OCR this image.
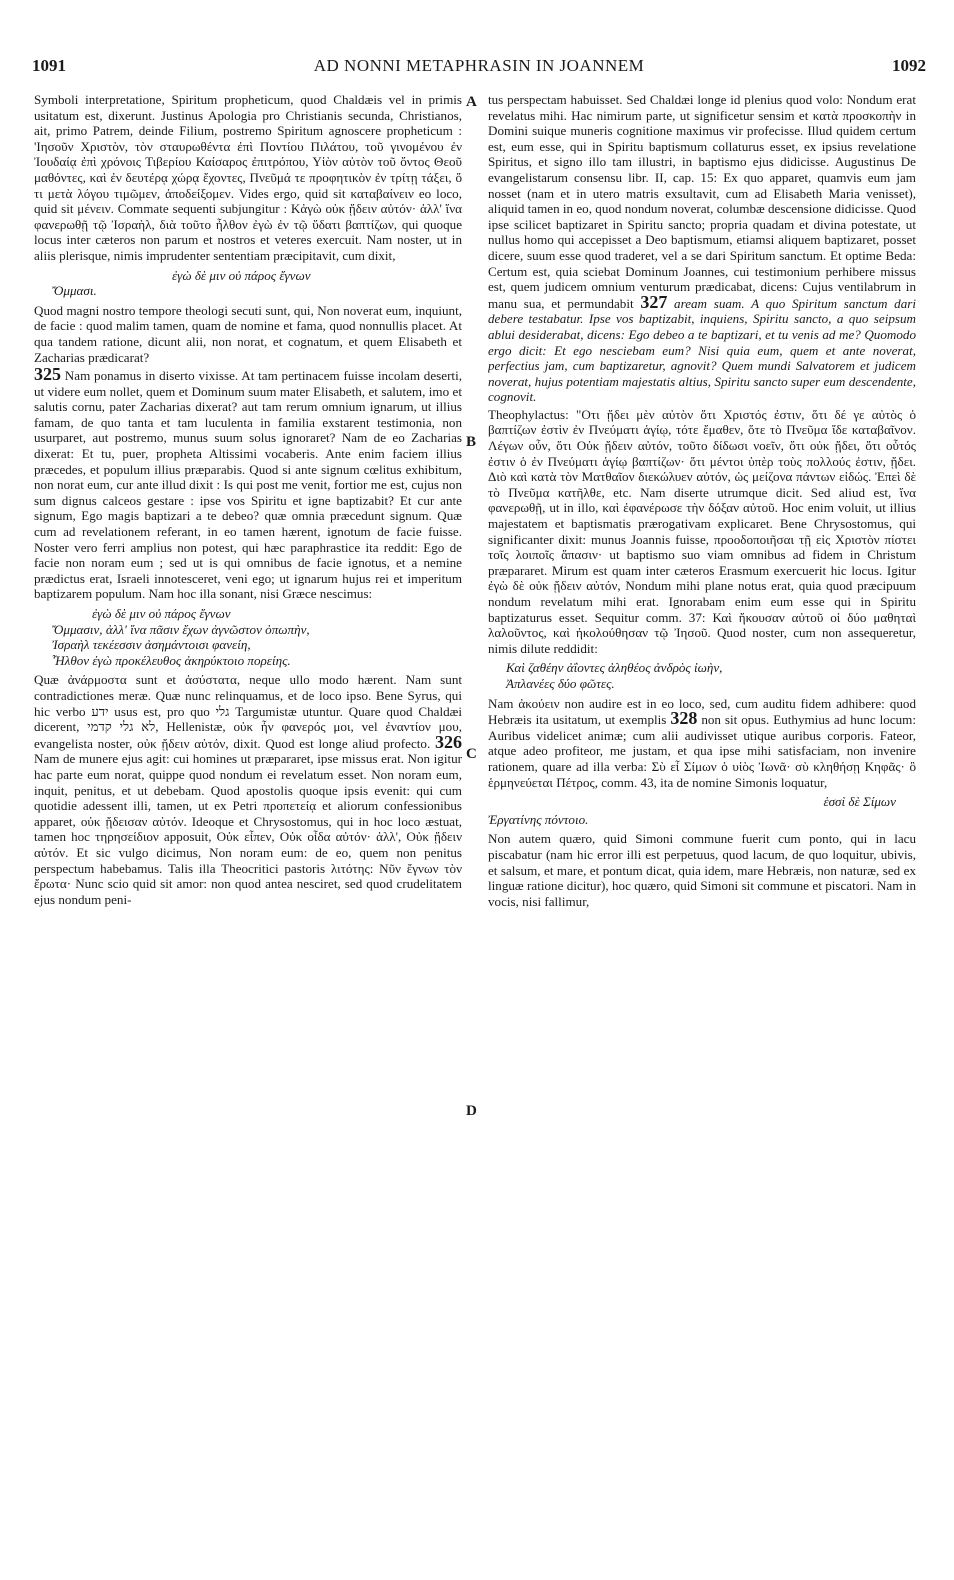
1091	AD NONNI METAPHRASIN IN JOANNEM	1092
A
B
C
D

Symboli interpretatione, Spiritum propheticum, quod Chaldæis vel in primis usitatum est, dixerunt. Justinus Apologia pro Christianis secunda, Christianos, ait, primo Patrem, deinde Filium, postremo Spiritum agnoscere propheticum : 'Ιησοῦν Χριστὸν, τὸν σταυρωθέντα ἐπὶ Ποντίου Πιλάτου, τοῦ γινομένου ἐν Ἰουδαίᾳ ἐπὶ χρόνοις Τιβερίου Καίσαρος ἐπιτρόπου, Υἱὸν αὐτὸν τοῦ ὄντος Θεοῦ μαθόντες, καὶ ἐν δευτέρᾳ χώρᾳ ἔχοντες, Πνεῦμά τε προφητικὸν ἐν τρίτῃ τάξει, ὅ τι μετὰ λόγου τιμῶμεν, ἀποδείξομεν. Vides ergo, quid sit καταβαίνειν eo loco, quid sit μένειν. Commate sequenti subjungitur : Κἀγὼ οὐκ ᾔδειν αὐτόν· ἀλλ' ἵνα φανερωθῇ τῷ Ἰσραὴλ, διὰ τοῦτο ἦλθον ἐγὼ ἐν τῷ ὕδατι βαπτίζων, qui quoque locus inter cæteros non parum et nostros et veteres exercuit. Nam noster, ut in aliis plerisque, nimis imprudenter sententiam præcipitavit, cum dixit,

ἐγὼ δὲ μιν οὐ πάρος ἔγνων
Ὄμμασι.

Quod magni nostro tempore theologi secuti sunt, qui, Non noverat eum, inquiunt, de facie : quod malim tamen, quam de nomine et fama, quod nonnullis placet. At qua tandem ratione, dicunt alii, non norat, et cognatum, et quem Elisabeth et Zacharias prædicarat?

325 Nam ponamus in diserto vixisse. At tam pertinacem fuisse incolam deserti, ut videre eum nollet, quem et Dominum suum mater Elisabeth, et salutem, imo et salutis cornu, pater Zacharias dixerat? aut tam rerum omnium ignarum, ut illius famam, de quo tanta et tam luculenta in familia exstarent testimonia, non usurparet, aut postremo, munus suum solus ignoraret? Nam de eo Zacharias dixerat: Et tu, puer, propheta Altissimi vocaberis. Ante enim faciem illius præcedes, et populum illius præparabis. Quod si ante signum cœlitus exhibitum, non norat eum, cur ante illud dixit : Is qui post me venit, fortior me est, cujus non sum dignus calceos gestare : ipse vos Spiritu et igne baptizabit? Et cur ante signum, Ego magis baptizari a te debeo? quæ omnia præcedunt signum. Quæ cum ad revelationem referant, in eo tamen hærent, ignotum de facie fuisse. Noster vero ferri amplius non potest, qui hæc paraphrastice ita reddit: Ego de facie non noram eum ; sed ut is qui omnibus de facie ignotus, et a nemine prædictus erat, Israeli innotesceret, veni ego; ut ignarum hujus rei et imperitum baptizarem populum. Nam hoc illa sonant, nisi Græce nescimus:

ἐγὼ δὲ μιν οὐ πάρος ἔγνων
Ὄμμασιν, ἀλλ' ἵνα πᾶσιν ἔχων ἀγνῶστον ὀπωπὴν,
Ἰσραὴλ τεκέεσσιν ἀσημάντοισι φανείη,
Ἦλθον ἐγὼ προκέλευθος ἀκηρύκτοιο πορείης.

Quæ ἀνάρμοστα sunt et ἀσύστατα, neque ullo modo hærent. Nam sunt contradictiones meræ. Quæ nunc relinquamus, et de loco ipso. Bene Syrus, qui hic verbo ידע usus est, pro quo גלי Targumistæ utuntur. Quare quod Chaldæi dicerent, לא גלי קדמי, Hellenistæ, οὐκ ἦν φανερός μοι, vel ἐναντίον μου, evangelista noster, οὐκ ᾔδειν αὐτόν, dixit. Quod est longe aliud profecto. 326 Nam de munere ejus agit: cui homines ut præpararet, ipse missus erat. Non igitur hac parte eum norat, quippe quod nondum ei revelatum esset. Non noram eum, inquit, penitus, et ut debebam. Quod apostolis quoque ipsis evenit: qui cum quotidie adessent illi, tamen, ut ex Petri προπετείᾳ et aliorum confessionibus apparet, οὐκ ᾔδεισαν αὐτόν. Ideoque et Chrysostomus, qui in hoc loco æstuat, tamen hoc τηρησείδιον apposuit, Οὐκ εἶπεν, Οὐκ οἶδα αὐτόν· ἀλλ', Οὐκ ᾔδειν αὐτόν. Et sic vulgo dicimus, Non noram eum: de eo, quem non penitus perspectum habebamus. Talis illa Theocritici pastoris λιτότης: Νῦν ἔγνων τὸν ἔρωτα· Nunc scio quid sit amor: non quod antea nesciret, sed quod crudelitatem ejus nondum peni-

tus perspectam habuisset. Sed Chaldæi longe id plenius quod volo: Nondum erat revelatus mihi. Hac nimirum parte, ut significetur sensim et κατὰ προσκοπὴν in Domini suique muneris cognitione maximus vir profecisse. Illud quidem certum est, eum esse, qui in Spiritu baptismum collaturus esset, ex ipsius revelatione Spiritus, et signo illo tam illustri, in baptismo ejus didicisse. Augustinus De evangelistarum consensu libr. II, cap. 15: Ex quo apparet, quamvis eum jam nosset (nam et in utero matris exsultavit, cum ad Elisabeth Maria venisset), aliquid tamen in eo, quod nondum noverat, columbæ descensione didicisse. Quod ipse scilicet baptizaret in Spiritu sancto; propria quadam et divina potestate, ut nullus homo qui accepisset a Deo baptismum, etiamsi aliquem baptizaret, posset dicere, suum esse quod traderet, vel a se dari Spiritum sanctum. Et optime Beda: Certum est, quia sciebat Dominum Joannes, cui testimonium perhibere missus est, quem judicem omnium venturum prædicabat, dicens: Cujus ventilabrum in manu sua, et permundabit 327 aream suam. A quo Spiritum sanctum dari debere testabatur. Ipse vos baptizabit, inquiens, Spiritu sancto, a quo seipsum ablui desiderabat, dicens: Ego debeo a te baptizari, et tu venis ad me? Quomodo ergo dicit: Et ego nesciebam eum? Nisi quia eum, quem et ante noverat, perfectius jam, cum baptizaretur, agnovit? Quem mundi Salvatorem et judicem noverat, hujus potentiam majestatis altius, Spiritu sancto super eum descendente, cognovit.

Theophylactus: "Οτι ᾔδει μὲν αὐτὸν ὅτι Χριστός ἐστιν, ὅτι δέ γε αὐτὸς ὁ βαπτίζων ἐστὶν ἐν Πνεύματι ἁγίῳ, τότε ἔμαθεν, ὅτε τὸ Πνεῦμα ἴδε καταβαῖνον. Λέγων οὖν, ὅτι Οὐκ ᾔδειν αὐτόν, τοῦτο δίδωσι νοεῖν, ὅτι οὐκ ᾔδει, ὅτι οὗτός ἐστιν ὁ ἐν Πνεύματι ἁγίῳ βαπτίζων· ὅτι μέντοι ὑπὲρ τοὺς πολλούς ἐστιν, ᾔδει. Διὸ καὶ κατὰ τὸν Ματθαῖον διεκώλυεν αὐτόν, ὡς μείζονα πάντων εἰδώς. Ἐπεὶ δὲ τὸ Πνεῦμα κατῆλθε, etc. Nam diserte utrumque dicit. Sed aliud est, ἵνα φανερωθῇ, ut in illo, καὶ ἐφανέρωσε τὴν δόξαν αὐτοῦ. Hoc enim voluit, ut illius majestatem et baptismatis prærogativam explicaret. Bene Chrysostomus, qui significanter dixit: munus Joannis fuisse, προοδοποιῆσαι τῇ εἰς Χριστὸν πίστει τοῖς λοιποῖς ἅπασιν· ut baptismo suo viam omnibus ad fidem in Christum præpararet. Mirum est quam inter cæteros Erasmum exercuerit hic locus. Igitur ἐγὼ δὲ οὐκ ᾔδειν αὐτόν, Nondum mihi plane notus erat, quia quod præcipuum nondum revelatum mihi erat. Ignorabam enim eum esse qui in Spiritu baptizaturus esset. Sequitur comm. 37: Καὶ ἤκουσαν αὐτοῦ οἱ δύο μαθηταὶ λαλοῦντος, καὶ ἠκολούθησαν τῷ Ἰησοῦ. Quod noster, cum non assequeretur, nimis dilute reddidit:

Καὶ ζαθέην ἀΐοντες ἀληθέος ἀνδρὸς ἰωὴν,
Ἀπλανέες δύο φῶτες.

Nam ἀκούειν non audire est in eo loco, sed, cum auditu fidem adhibere: quod Hebræis ita usitatum, ut exemplis 328 non sit opus. Euthymius ad hunc locum: Auribus videlicet animæ; cum alii audivisset utique auribus corporis. Fateor, atque adeo profiteor, me justam, et qua ipse mihi satisfaciam, non invenire rationem, quare ad illa verba: Σὺ εἶ Σίμων ὁ υἱὸς Ἰωνᾶ· σὺ κληθήσῃ Κηφᾶς· ὃ ἑρμηνεύεται Πέτρος, comm. 43, ita de nomine Simonis loquatur,

ἑσσὶ δὲ Σίμων
Ἐργατίνης πόντοιο.

Non autem quæro, quid Simoni commune fuerit cum ponto, qui in lacu piscabatur (nam hic error illi est perpetuus, quod lacum, de quo loquitur, ubivis, et salsum, et mare, et pontum dicat, quia idem, mare Hebræis, non naturæ, sed ex linguæ ratione dicitur), hoc quæro, quid Simoni sit commune et piscatori. Nam in vocis, nisi fallimur,
